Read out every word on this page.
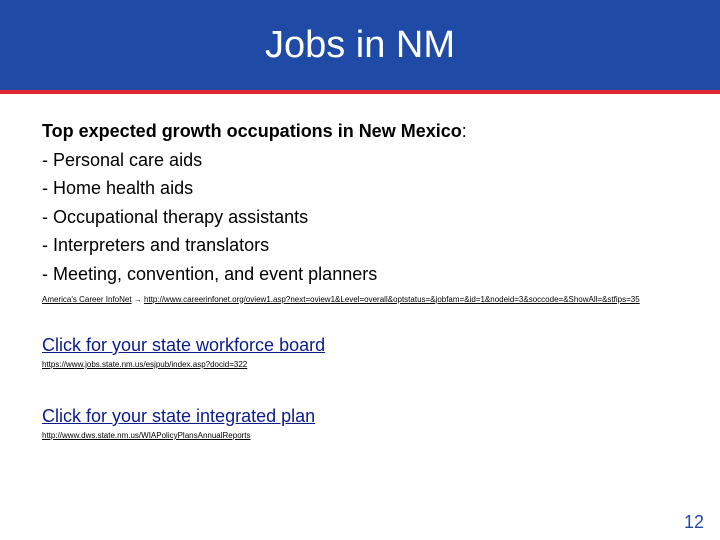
Jobs in NM
Top expected growth occupations in New Mexico:
- Personal care aids
- Home health aids
- Occupational therapy assistants
- Interpreters and translators
- Meeting, convention, and event planners
America's Career InfoNet → http://www.careerinfonet.org/oview1.asp?next=oview1&Level=overall&optstatus=&jobfam=&id=1&nodeid=3&soccode=&ShowAll=&stfips=35
Click for your state workforce board
https://www.jobs.state.nm.us/esjpub/index.asp?docid=322
Click for your state integrated plan
http://www.dws.state.nm.us/WIAPolicyPlansAnnualReports
12
